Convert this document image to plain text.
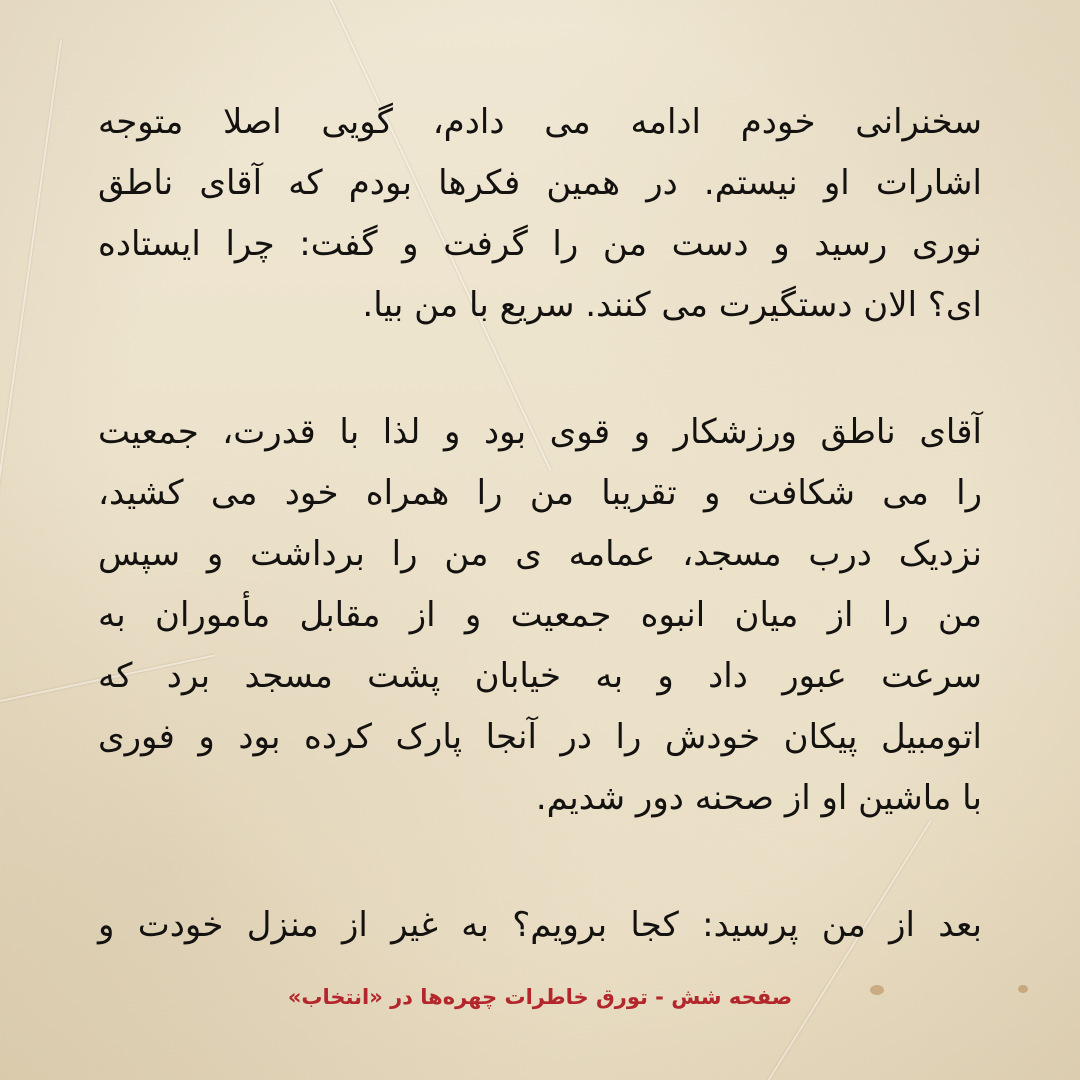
سخنرانی خودم ادامه می دادم، گویی اصلا متوجه
اشارات او نیستم. در همین فکرها بودم که آقای ناطق
نوری رسید و دست من را گرفت و گفت: چرا ایستاده
ای؟ الان دستگیرت می کنند. سریع با من بیا.
آقای ناطق ورزشکار و قوی بود و لذا با قدرت، جمعیت
را می شکافت و تقریبا من را همراه خود می کشید،
نزدیک درب مسجد، عمامه ی من را برداشت و سپس
من را از میان انبوه جمعیت و از مقابل مأموران به
سرعت عبور داد و به خیابان پشت مسجد برد که
اتومبیل پیکان خودش را در آنجا پارک کرده بود و فوری
با ماشین او از صحنه دور شدیم.
بعد از من پرسید: کجا برویم؟ به غیر از منزل خودت و
صفحه شش - تورق خاطرات چهره‌ها در «انتخاب»
